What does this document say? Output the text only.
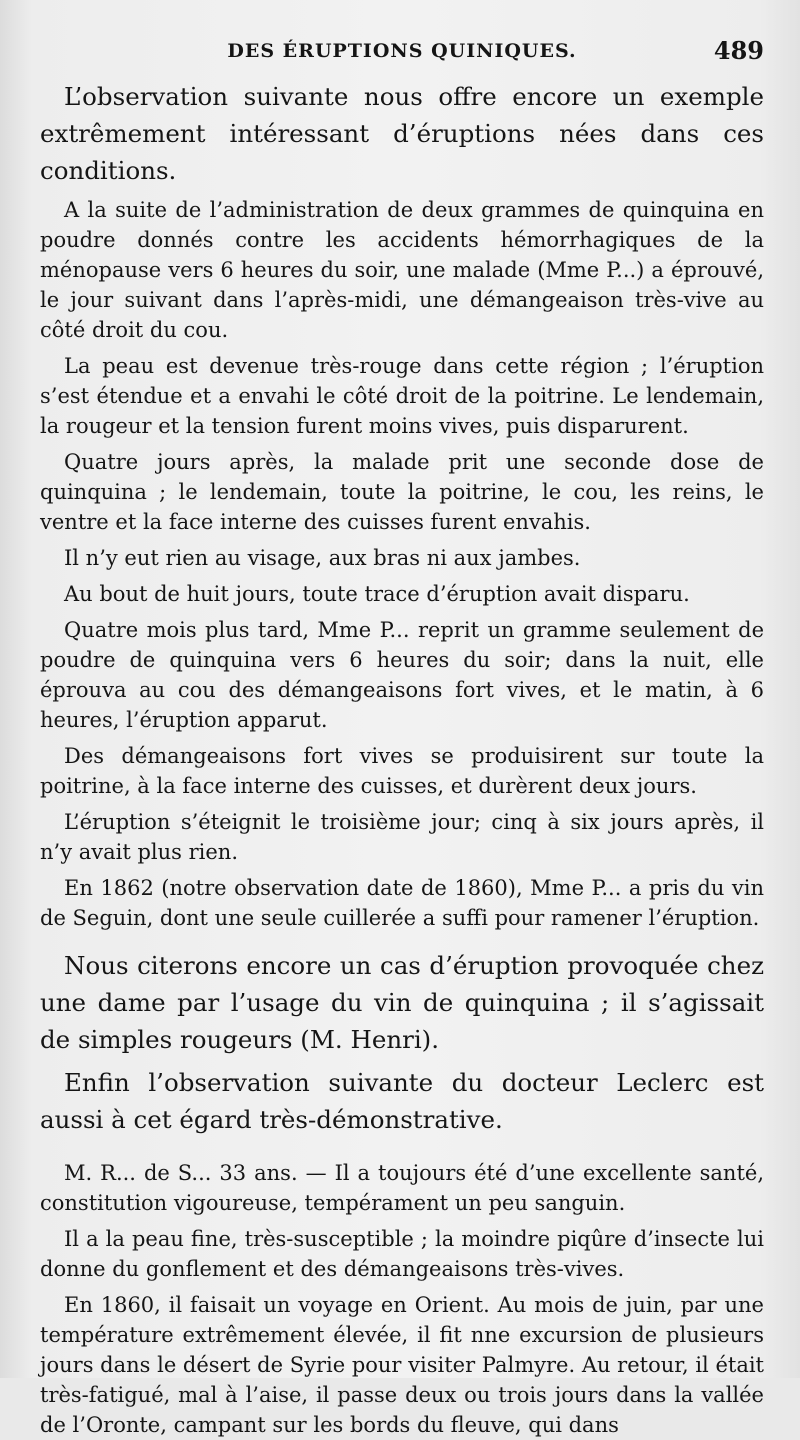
DES ÉRUPTIONS QUINIQUES.	489

L’observation suivante nous offre encore un exemple extrêmement intéressant d’éruptions nées dans ces conditions.

A la suite de l’administration de deux grammes de quinquina en poudre donnés contre les accidents hémorrhagiques de la ménopause vers 6 heures du soir, une malade (Mme P...) a éprouvé, le jour suivant dans l’après-midi, une démangeaison très-vive au côté droit du cou.

La peau est devenue très-rouge dans cette région ; l’éruption s’est étendue et a envahi le côté droit de la poitrine. Le lendemain, la rougeur et la tension furent moins vives, puis disparurent.

Quatre jours après, la malade prit une seconde dose de quinquina ; le lendemain, toute la poitrine, le cou, les reins, le ventre et la face interne des cuisses furent envahis.

Il n’y eut rien au visage, aux bras ni aux jambes.

Au bout de huit jours, toute trace d’éruption avait disparu.

Quatre mois plus tard, Mme P... reprit un gramme seulement de poudre de quinquina vers 6 heures du soir; dans la nuit, elle éprouva au cou des démangeaisons fort vives, et le matin, à 6 heures, l’éruption apparut.

Des démangeaisons fort vives se produisirent sur toute la poitrine, à la face interne des cuisses, et durèrent deux jours.

L’éruption s’éteignit le troisième jour; cinq à six jours après, il n’y avait plus rien.

En 1862 (notre observation date de 1860), Mme P... a pris du vin de Seguin, dont une seule cuillerée a suffi pour ramener l’éruption.

Nous citerons encore un cas d’éruption provoquée chez une dame par l’usage du vin de quinquina ; il s’agissait de simples rougeurs (M. Henri).

Enfin l’observation suivante du docteur Leclerc est aussi à cet égard très-démonstrative.

M. R... de S... 33 ans. — Il a toujours été d’une excellente santé, constitution vigoureuse, tempérament un peu sanguin.

Il a la peau fine, très-susceptible ; la moindre piqûre d’insecte lui donne du gonflement et des démangeaisons très-vives.

En 1860, il faisait un voyage en Orient. Au mois de juin, par une température extrêmement élevée, il fit nne excursion de plusieurs jours dans le désert de Syrie pour visiter Palmyre. Au retour, il était très-fatigué, mal à l’aise, il passe deux ou trois jours dans la vallée de l’Oronte, campant sur les bords du fleuve, qui dans
